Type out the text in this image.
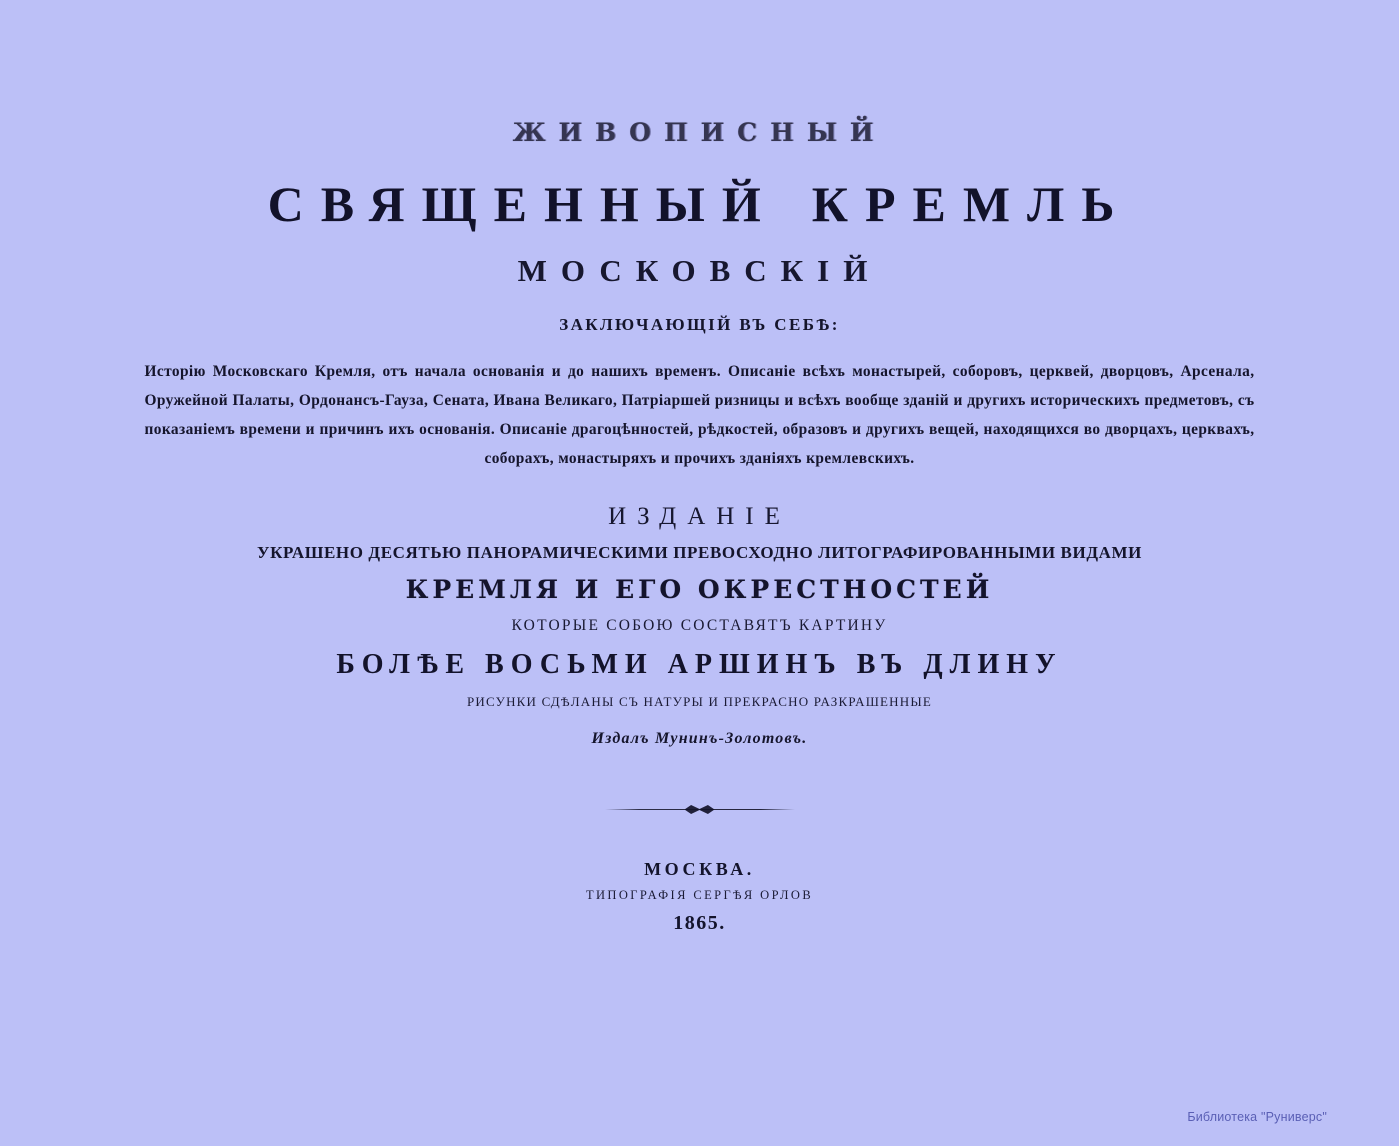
ЖИВОПИСНЫЙ
СВЯЩЕННЫЙ КРЕМЛЬ
МОСКОВСКІЙ
ЗАКЛЮЧАЮЩІЙ ВЪ СЕБѢ:
Исторію Московскаго Кремля, отъ начала основанія и до нашихъ временъ. Описаніе всѣхъ монастырей, соборовъ, церквей, дворцовъ, Арсенала, Оружейной Палаты, Ордонансъ-Гауза, Сената, Ивана Великаго, Патріаршей ризницы и всѣхъ вообще зданій и другихъ историческихъ предметовъ, съ показаніемъ времени и причинъ ихъ основанія. Описаніе драгоцѣнностей, рѣдкостей, образовъ и другихъ вещей, находящихся во дворцахъ, церквахъ, соборахъ, монастыряхъ и прочихъ зданіяхъ кремлевскихъ.
ИЗДАНІЕ
УКРАШЕНО ДЕСЯТЬЮ ПАНОРАМИЧЕСКИМИ ПРЕВОСХОДНО ЛИТОГРАФИРОВАННЫМИ ВИДАМИ
КРЕМЛЯ И ЕГО ОКРЕСТНОСТЕЙ
КОТОРЫЕ СОБОЮ СОСТАВЯТЪ КАРТИНУ
БОЛѢЕ ВОСЬМИ АРШИНЪ ВЪ ДЛИНУ
РИСУНКИ СДѢЛАНЫ СЪ НАТУРЫ И ПРЕКРАСНО РАЗКРАШЕННЫЕ
Издалъ Мунинъ-Золотовъ.
МОСКВА.
ТИПОГРАФІЯ СЕРГѢЯ ОРЛОВ
1865.
Библиотека "Руниверс"
